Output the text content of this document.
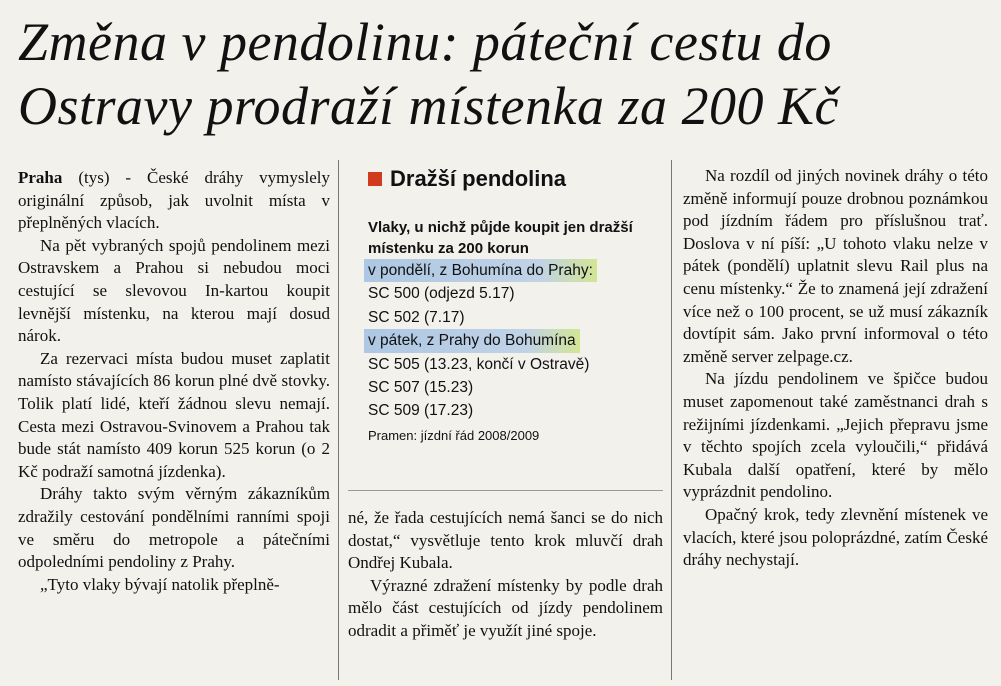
Změna v pendolinu: páteční cestu do
Ostravy prodraží místenka za 200 Kč

Praha (tys) - České dráhy vymyslely originální způsob, jak uvolnit místa v přeplněných vlacích.

Na pět vybraných spojů pendolinem mezi Ostravskem a Prahou si nebudou moci cestující se slevovou In-kartou koupit levnější místenku, na kterou mají dosud nárok.

Za rezervaci místa budou muset zaplatit namísto stávajících 86 korun plné dvě stovky. Tolik platí lidé, kteří žádnou slevu nemají. Cesta mezi Ostravou-Svinovem a Prahou tak bude stát namísto 409 korun 525 korun (o 2 Kč podraží samotná jízdenka).

Dráhy takto svým věrným zákazníkům zdražily cestování pondělními ranními spoji ve směru do metropole a pátečními odpoledními pendoliny z Prahy.

„Tyto vlaky bývají natolik přeplně-

Dražší pendolina
Vlaky, u nichž půjde koupit jen dražší místenku za 200 korun
v pondělí, z Bohumína do Prahy:
SC 500 (odjezd 5.17)
SC 502 (7.17)
v pátek, z Prahy do Bohumína
SC 505 (13.23, končí v Ostravě)
SC 507 (15.23)
SC 509 (17.23)
Pramen: jízdní řád 2008/2009

né, že řada cestujících nemá šanci se do nich dostat,“ vysvětluje tento krok mluvčí drah Ondřej Kubala.

Výrazné zdražení místenky by podle drah mělo část cestujících od jízdy pendolinem odradit a přiměť je využít jiné spoje.

Na rozdíl od jiných novinek dráhy o této změně informují pouze drobnou poznámkou pod jízdním řádem pro příslušnou trať. Doslova v ní píší: „U tohoto vlaku nelze v pátek (pondělí) uplatnit slevu Rail plus na cenu místenky.“ Že to znamená její zdražení více než o 100 procent, se už musí zákazník dovtípit sám. Jako první informoval o této změně server zelpage.cz.

Na jízdu pendolinem ve špičce budou muset zapomenout také zaměstnanci drah s režijními jízdenkami. „Jejich přepravu jsme v těchto spojích zcela vyloučili,“ přidává Kubala další opatření, které by mělo vyprázdnit pendolino.

Opačný krok, tedy zlevnění místenek ve vlacích, které jsou poloprázdné, zatím České dráhy nechystají.
